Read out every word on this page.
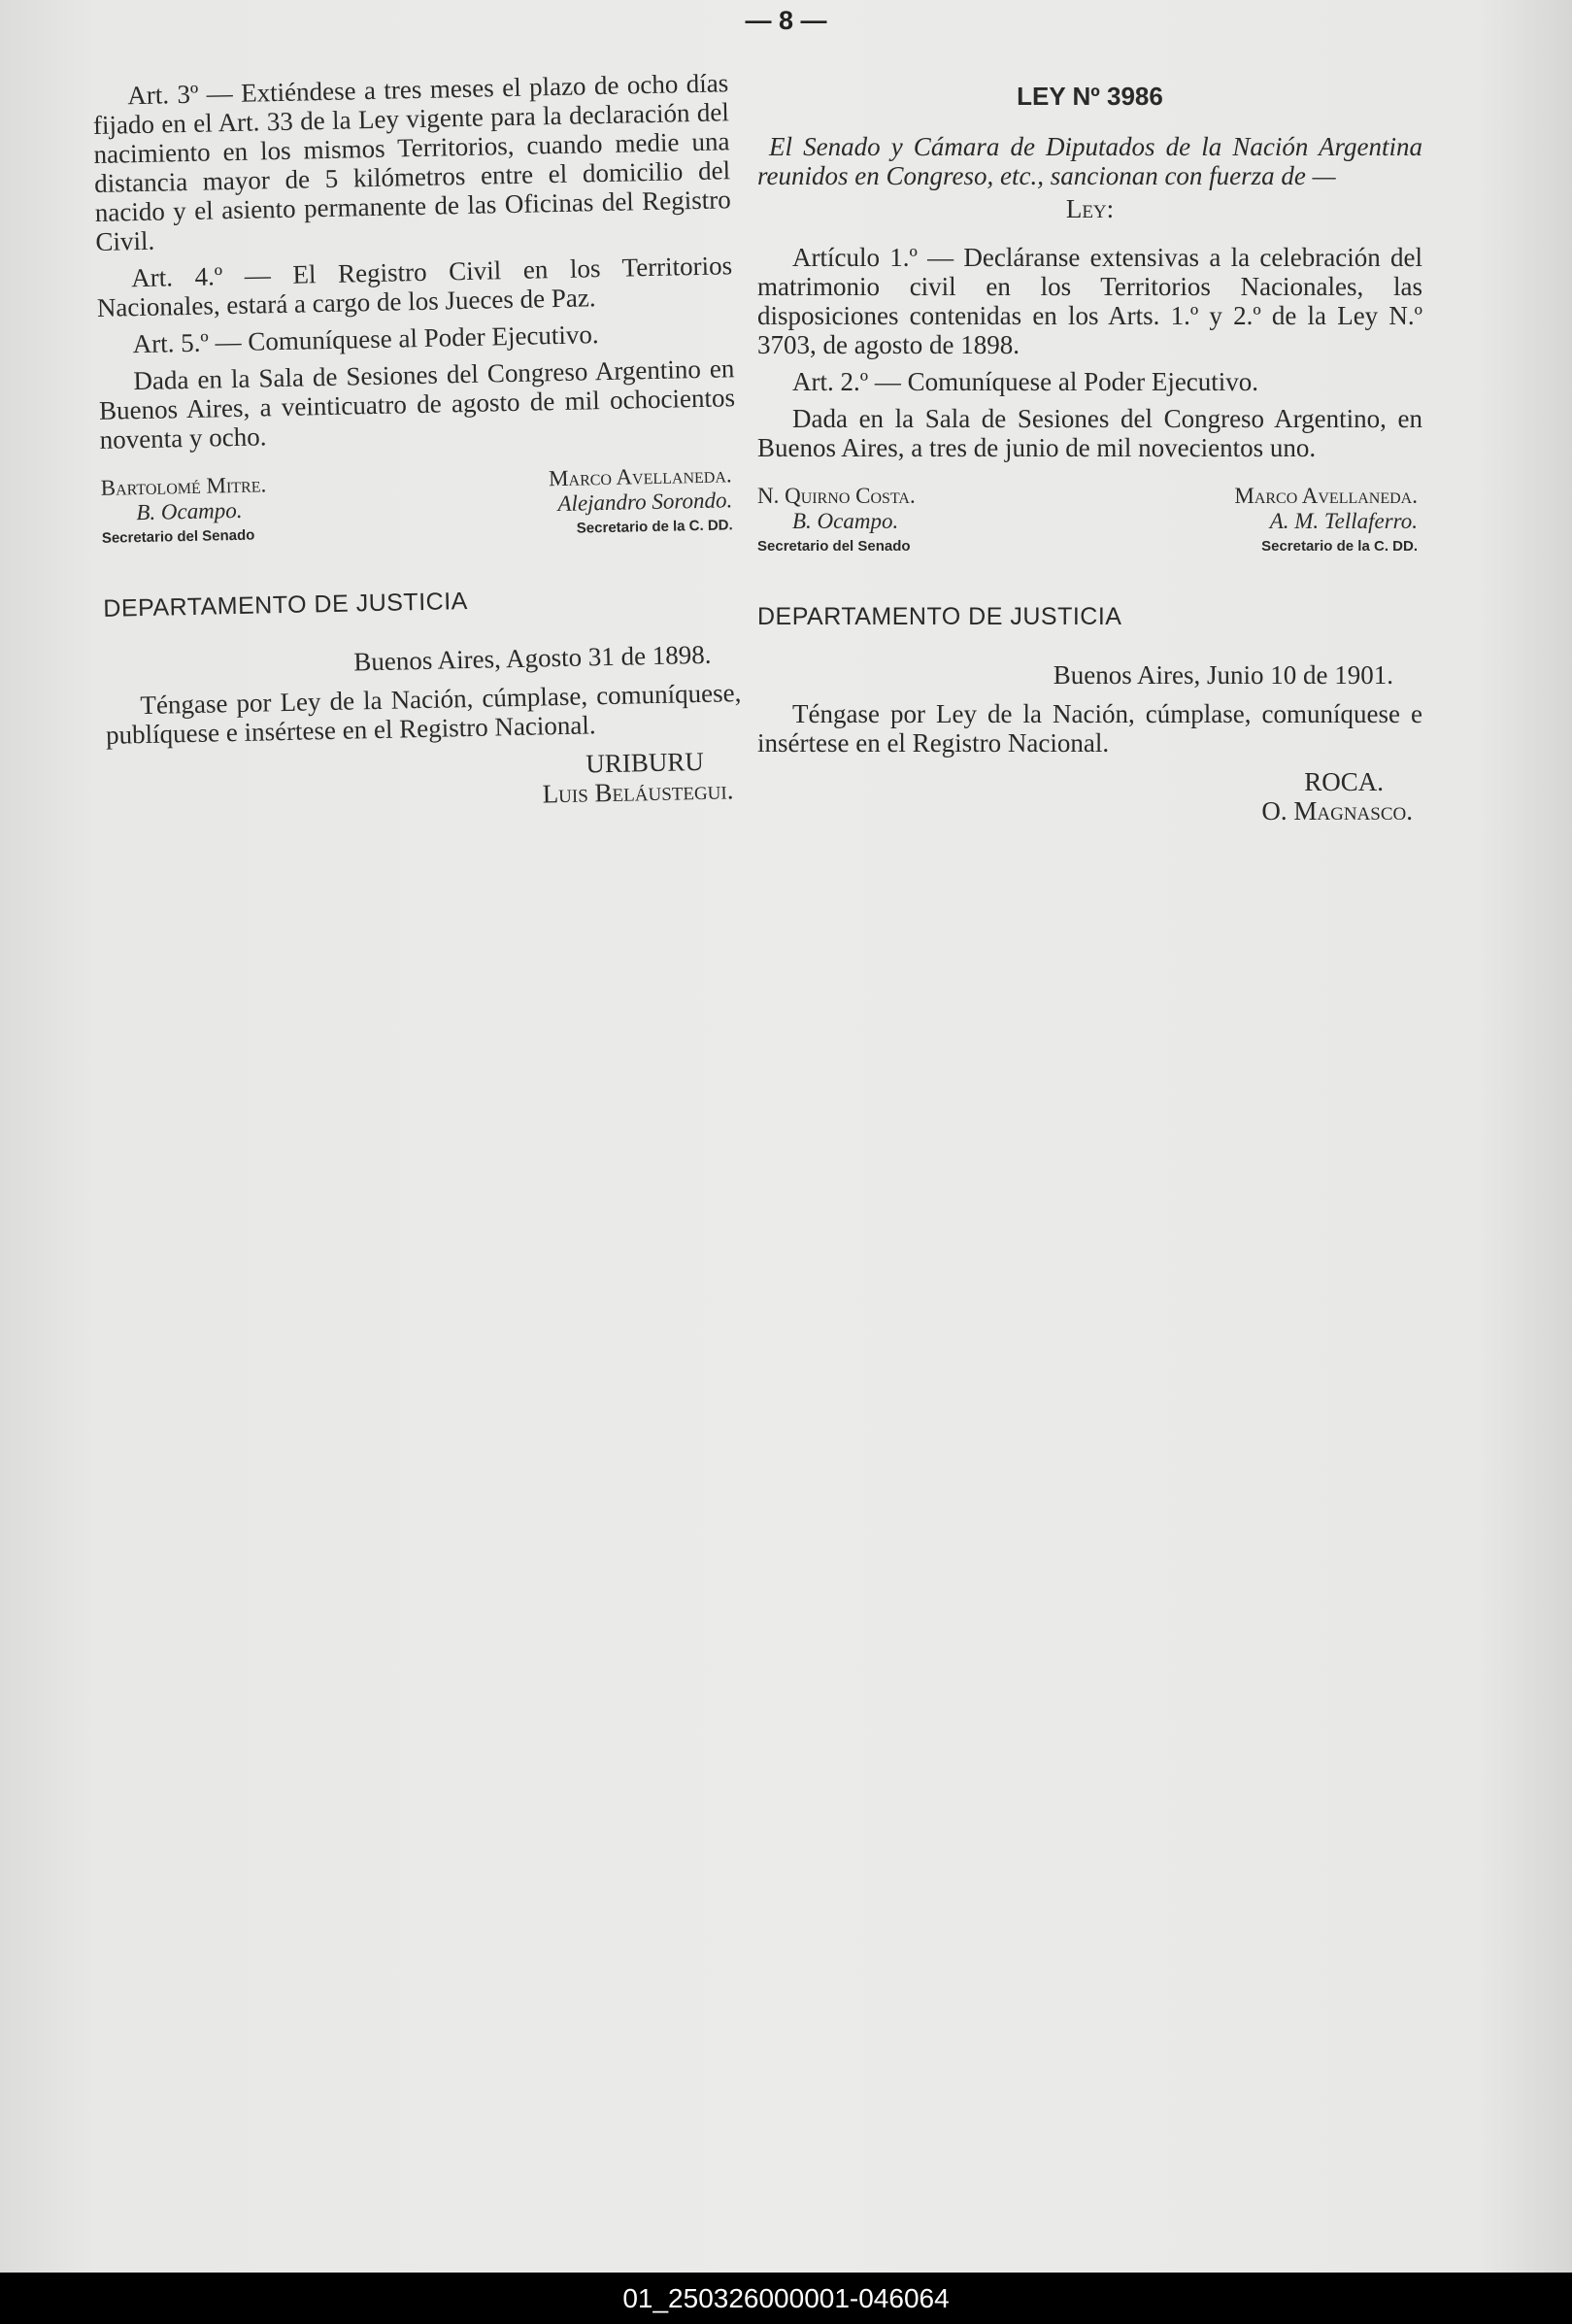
— 8 —

Art. 3º — Extiéndese a tres meses el plazo de ocho días fijado en el Art. 33 de la Ley vigente para la declaración del nacimiento en los mismos Territorios, cuando medie una distancia mayor de 5 kilómetros entre el domicilio del nacido y el asiento permanente de las Oficinas del Registro Civil.

Art. 4.º — El Registro Civil en los Territorios Nacionales, estará a cargo de los Jueces de Paz.

Art. 5.º — Comuníquese al Poder Ejecutivo.

Dada en la Sala de Sesiones del Congreso Argentino en Buenos Aires, a veinticuatro de agosto de mil ochocientos noventa y ocho.

Bartolomé Mitre.
B. Ocampo.
Secretario del Senado
Marco Avellaneda.
Alejandro Sorondo.
Secretario de la C. DD.
DEPARTAMENTO DE JUSTICIA
Buenos Aires, Agosto 31 de 1898.

Téngase por Ley de la Nación, cúmplase, comuníquese, publíquese e insértese en el Registro Nacional.

URIBURU
Luis Beláustegui.
LEY Nº 3986

El Senado y Cámara de Diputados de la Nación Argentina reunidos en Congreso, etc., sancionan con fuerza de —

Ley:

Artículo 1.º — Decláranse extensivas a la celebración del matrimonio civil en los Territorios Nacionales, las disposiciones contenidas en los Arts. 1.º y 2.º de la Ley N.º 3703, de agosto de 1898.

Art. 2.º — Comuníquese al Poder Ejecutivo.

Dada en la Sala de Sesiones del Congreso Argentino, en Buenos Aires, a tres de junio de mil novecientos uno.

N. Quirno Costa.
B. Ocampo.
Secretario del Senado
Marco Avellaneda.
A. M. Tellaferro.
Secretario de la C. DD.
DEPARTAMENTO DE JUSTICIA
Buenos Aires, Junio 10 de 1901.

Téngase por Ley de la Nación, cúmplase, comuníquese e insértese en el Registro Nacional.

ROCA.
O. Magnasco.
01_250326000001-046064
